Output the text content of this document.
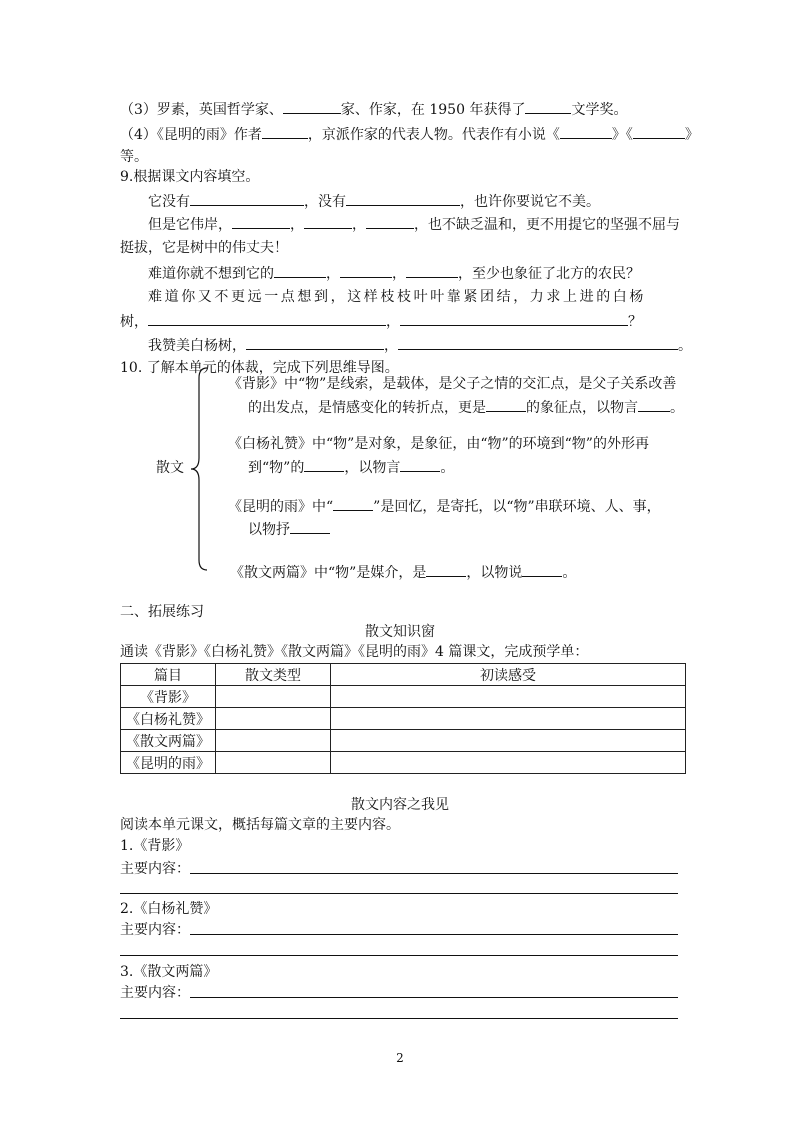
（3）罗素，英国哲学家、	家、作家，在 1950 年获得了	文学奖。
（4）《昆明的雨》作者	，京派作家的代表人物。代表作有小说《	》《	》
等。
9.根据课文内容填空。
它没有	，没有	，也许你要说它不美。
但是它伟岸，	，	，	，也不缺乏温和，更不用提它的坚强不屈与
挺拔，它是树中的伟丈夫！
难道你就不想到它的	，	，	，至少也象征了北方的农民？
难道你又不更远一点想到，这样枝枝叶叶靠紧团结，力求上进的白杨
树，	，	？
我赞美白杨树，	，	。
10. 了解本单元的体裁，完成下列思维导图。
散文
《背影》中“物”是线索，是载体，是父子之情的交汇点，是父子关系改善
的出发点，是情感变化的转折点，更是	的象征点，以物言 。
《白杨礼赞》中“物”是对象，是象征，由“物”的环境到“物”的外形再
到“物”的	，以物言	。
《昆明的雨》中“	”是回忆，是寄托，以“物”串联环境、人、事，
以物抒
《散文两篇》中“物”是媒介，是	，以物说	。
二、拓展练习
散文知识窗
通读《背影》《白杨礼赞》《散文两篇》《昆明的雨》4 篇课文，完成预学单：
篇目	散文类型	初读感受
《背影》		
《白杨礼赞》		
《散文两篇》		
《昆明的雨》		
散文内容之我见
阅读本单元课文，概括每篇文章的主要内容。
1.《背影》
主要内容：
2.《白杨礼赞》
主要内容：
3.《散文两篇》
主要内容：
2
